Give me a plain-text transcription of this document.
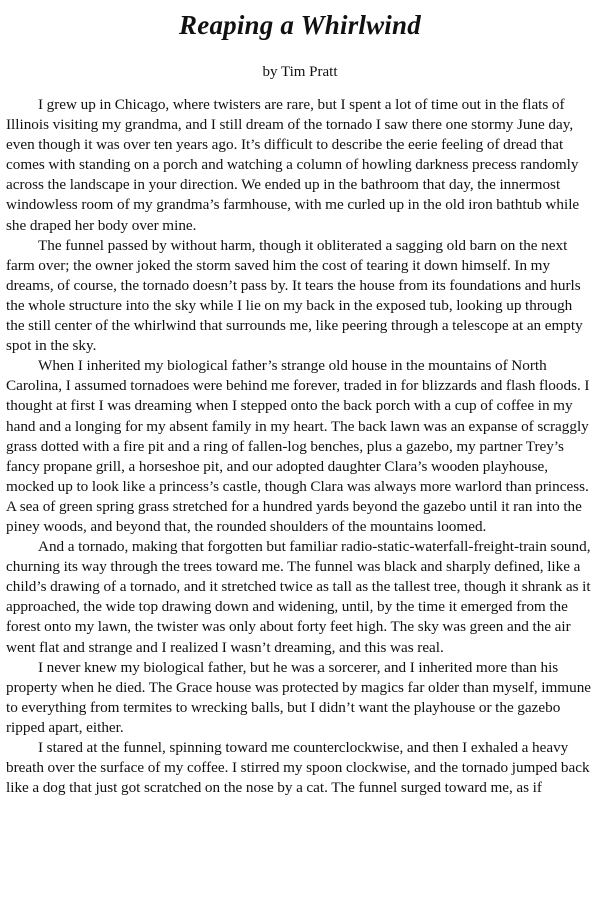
Reaping a Whirlwind
by Tim Pratt

I grew up in Chicago, where twisters are rare, but I spent a lot of time out in the flats of Illinois visiting my grandma, and I still dream of the tornado I saw there one stormy June day, even though it was over ten years ago. It’s difficult to describe the eerie feeling of dread that comes with standing on a porch and watching a column of howling darkness precess randomly across the landscape in your direction. We ended up in the bathroom that day, the innermost windowless room of my grandma’s farmhouse, with me curled up in the old iron bathtub while she draped her body over mine.

The funnel passed by without harm, though it obliterated a sagging old barn on the next farm over; the owner joked the storm saved him the cost of tearing it down himself. In my dreams, of course, the tornado doesn’t pass by. It tears the house from its foundations and hurls the whole structure into the sky while I lie on my back in the exposed tub, looking up through the still center of the whirlwind that surrounds me, like peering through a telescope at an empty spot in the sky.

When I inherited my biological father’s strange old house in the mountains of North Carolina, I assumed tornadoes were behind me forever, traded in for blizzards and flash floods. I thought at first I was dreaming when I stepped onto the back porch with a cup of coffee in my hand and a longing for my absent family in my heart. The back lawn was an expanse of scraggly grass dotted with a fire pit and a ring of fallen-log benches, plus a gazebo, my partner Trey’s fancy propane grill, a horseshoe pit, and our adopted daughter Clara’s wooden playhouse, mocked up to look like a princess’s castle, though Clara was always more warlord than princess. A sea of green spring grass stretched for a hundred yards beyond the gazebo until it ran into the piney woods, and beyond that, the rounded shoulders of the mountains loomed.

And a tornado, making that forgotten but familiar radio-static-waterfall-freight-train sound, churning its way through the trees toward me. The funnel was black and sharply defined, like a child’s drawing of a tornado, and it stretched twice as tall as the tallest tree, though it shrank as it approached, the wide top drawing down and widening, until, by the time it emerged from the forest onto my lawn, the twister was only about forty feet high. The sky was green and the air went flat and strange and I realized I wasn’t dreaming, and this was real.

I never knew my biological father, but he was a sorcerer, and I inherited more than his property when he died. The Grace house was protected by magics far older than myself, immune to everything from termites to wrecking balls, but I didn’t want the playhouse or the gazebo ripped apart, either.

I stared at the funnel, spinning toward me counterclockwise, and then I exhaled a heavy breath over the surface of my coffee. I stirred my spoon clockwise, and the tornado jumped back like a dog that just got scratched on the nose by a cat. The funnel surged toward me, as if
